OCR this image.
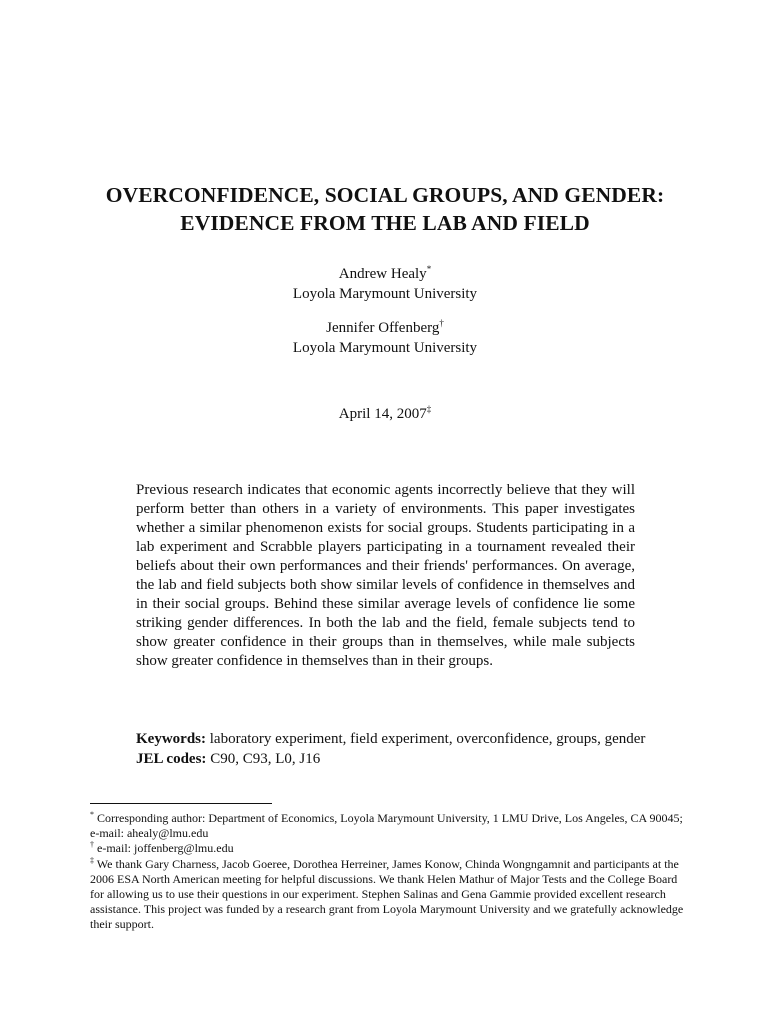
OVERCONFIDENCE, SOCIAL GROUPS, AND GENDER:
EVIDENCE FROM THE LAB AND FIELD
Andrew Healy*
Loyola Marymount University
Jennifer Offenberg†
Loyola Marymount University
April 14, 2007‡
Previous research indicates that economic agents incorrectly believe that they will perform better than others in a variety of environments. This paper investigates whether a similar phenomenon exists for social groups. Students participating in a lab experiment and Scrabble players participating in a tournament revealed their beliefs about their own performances and their friends' performances. On average, the lab and field subjects both show similar levels of confidence in themselves and in their social groups. Behind these similar average levels of confidence lie some striking gender differences. In both the lab and the field, female subjects tend to show greater confidence in their groups than in themselves, while male subjects show greater confidence in themselves than in their groups.
Keywords: laboratory experiment, field experiment, overconfidence, groups, gender
JEL codes: C90, C93, L0, J16
* Corresponding author: Department of Economics, Loyola Marymount University, 1 LMU Drive, Los Angeles, CA 90045; e-mail: ahealy@lmu.edu
† e-mail: joffenberg@lmu.edu
‡ We thank Gary Charness, Jacob Goeree, Dorothea Herreiner, James Konow, Chinda Wongngamnit and participants at the 2006 ESA North American meeting for helpful discussions. We thank Helen Mathur of Major Tests and the College Board for allowing us to use their questions in our experiment. Stephen Salinas and Gena Gammie provided excellent research assistance. This project was funded by a research grant from Loyola Marymount University and we gratefully acknowledge their support.
